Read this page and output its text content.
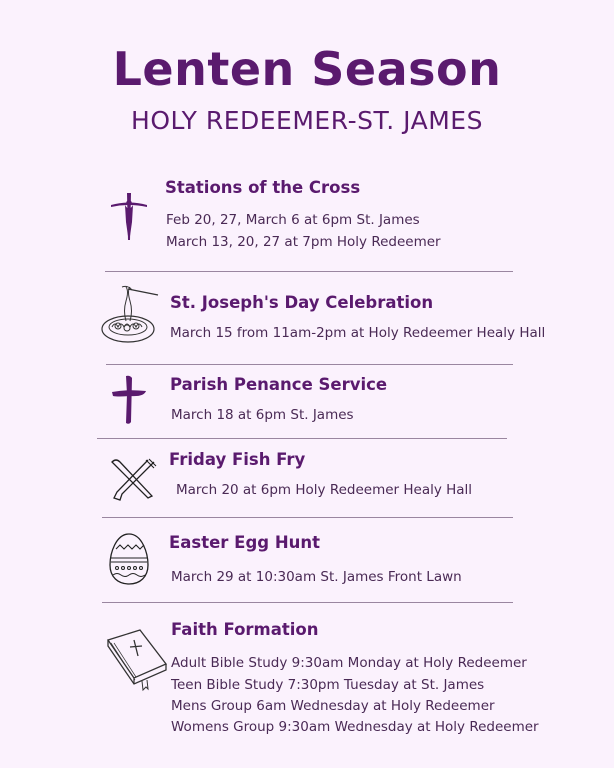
Lenten Season
HOLY REDEEMER-ST. JAMES
Stations of the Cross
Feb 20, 27, March 6 at 6pm St. James
March 13, 20, 27 at 7pm Holy Redeemer
St. Joseph's Day Celebration
March 15 from 11am-2pm at Holy Redeemer Healy Hall
Parish Penance Service
March 18 at 6pm St. James
Friday Fish Fry
March 20 at 6pm Holy Redeemer Healy Hall
Easter Egg Hunt
March 29 at 10:30am St. James Front Lawn
Faith Formation
Adult Bible Study 9:30am Monday at Holy Redeemer
Teen Bible Study 7:30pm Tuesday at St. James
Mens Group 6am Wednesday at Holy Redeemer
Womens Group 9:30am Wednesday at Holy Redeemer
